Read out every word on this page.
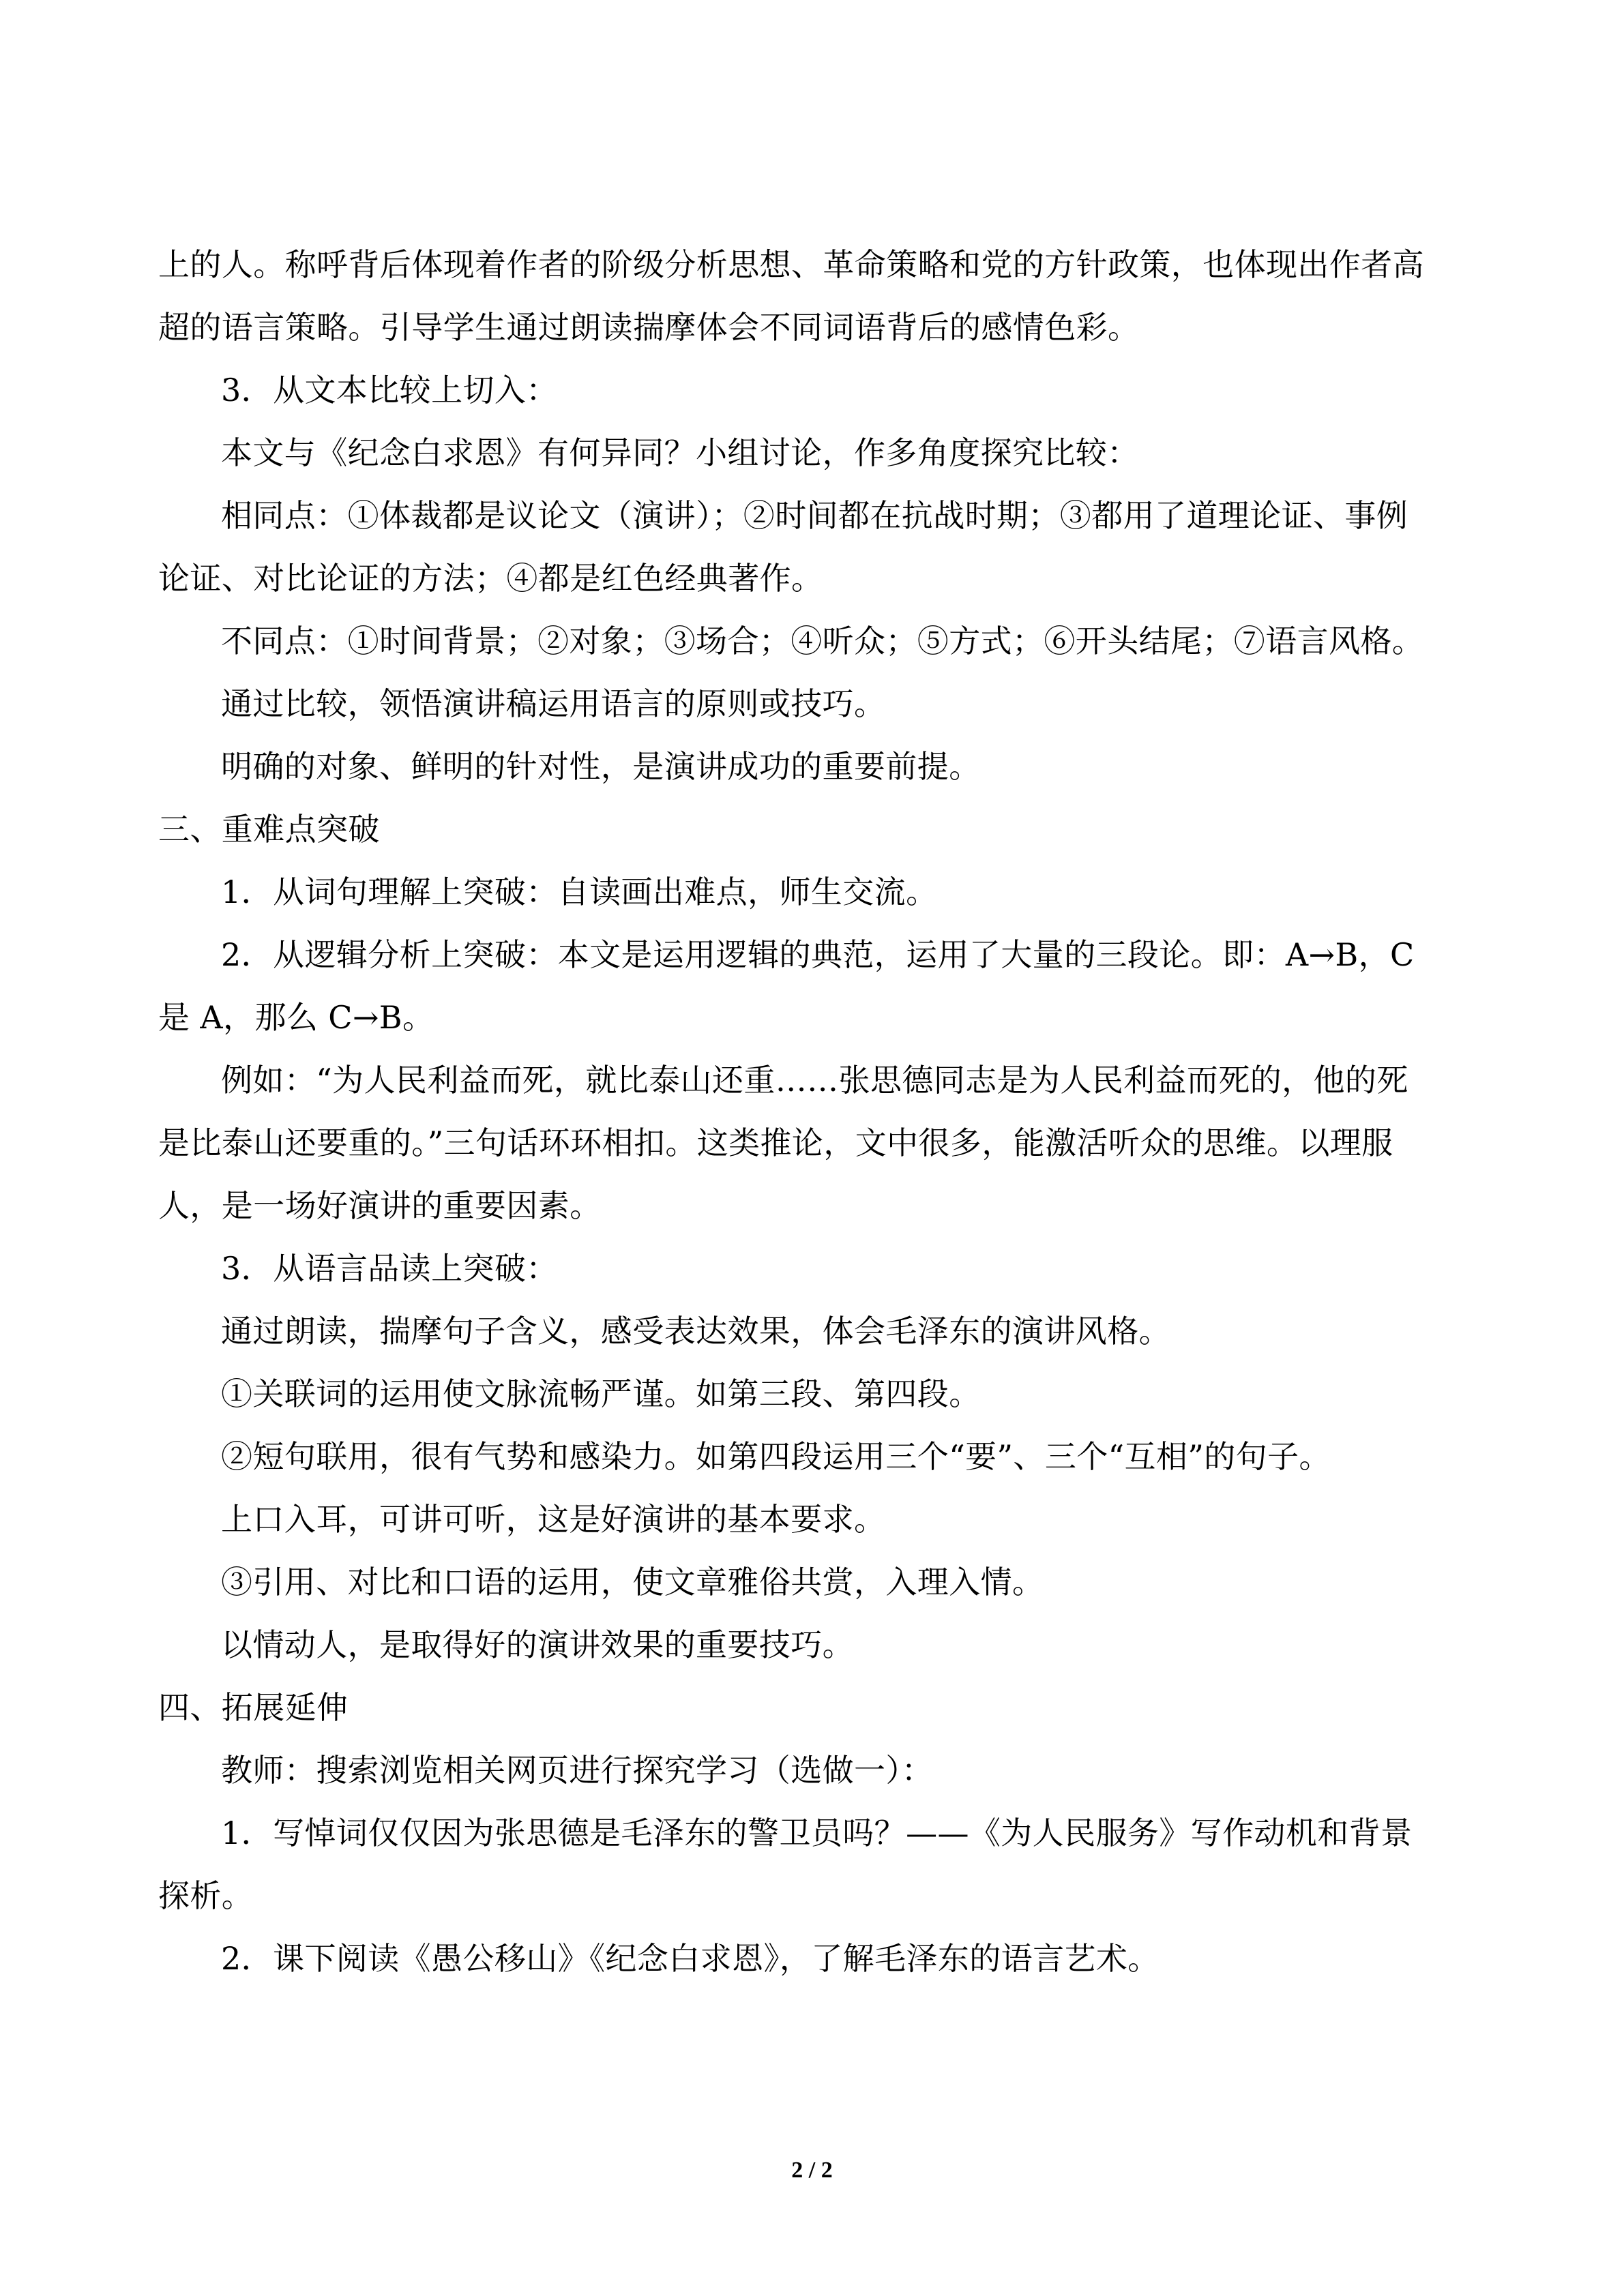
上的人。称呼背后体现着作者的阶级分析思想、革命策略和党的方针政策，也体现出作者高
超的语言策略。引导学生通过朗读揣摩体会不同词语背后的感情色彩。
3．从文本比较上切入：
本文与《纪念白求恩》有何异同？小组讨论，作多角度探究比较：
相同点：①体裁都是议论文（演讲）；②时间都在抗战时期；③都用了道理论证、事例
论证、对比论证的方法；④都是红色经典著作。
不同点：①时间背景；②对象；③场合；④听众；⑤方式；⑥开头结尾；⑦语言风格。
通过比较，领悟演讲稿运用语言的原则或技巧。
明确的对象、鲜明的针对性，是演讲成功的重要前提。
三、重难点突破
1．从词句理解上突破：自读画出难点，师生交流。
2．从逻辑分析上突破：本文是运用逻辑的典范，运用了大量的三段论。即：A→B，C
是 A，那么 C→B。
例如：“为人民利益而死，就比泰山还重……张思德同志是为人民利益而死的，他的死
是比泰山还要重的。”三句话环环相扣。这类推论，文中很多，能激活听众的思维。以理服
人，是一场好演讲的重要因素。
3．从语言品读上突破：
通过朗读，揣摩句子含义，感受表达效果，体会毛泽东的演讲风格。
①关联词的运用使文脉流畅严谨。如第三段、第四段。
②短句联用，很有气势和感染力。如第四段运用三个“要”、三个“互相”的句子。
上口入耳，可讲可听，这是好演讲的基本要求。
③引用、对比和口语的运用，使文章雅俗共赏，入理入情。
以情动人，是取得好的演讲效果的重要技巧。
四、拓展延伸
教师：搜索浏览相关网页进行探究学习（选做一）：
1．写悼词仅仅因为张思德是毛泽东的警卫员吗？——《为人民服务》写作动机和背景
探析。
2．课下阅读《愚公移山》《纪念白求恩》，了解毛泽东的语言艺术。
2 / 2
